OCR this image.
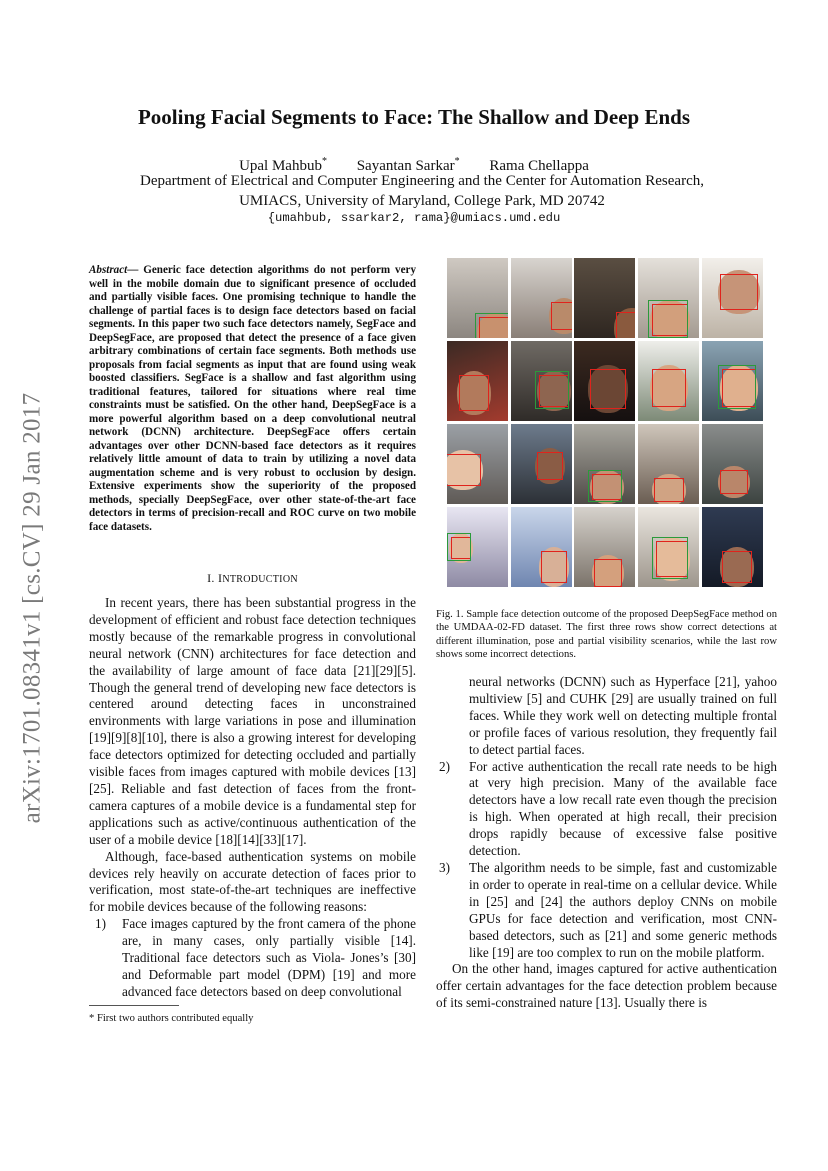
arXiv:1701.08341v1 [cs.CV] 29 Jan 2017
Pooling Facial Segments to Face: The Shallow and Deep Ends
Upal Mahbub* Sayantan Sarkar* Rama Chellappa
Department of Electrical and Computer Engineering and the Center for Automation Research,
UMIACS, University of Maryland, College Park, MD 20742
{umahbub, ssarkar2, rama}@umiacs.umd.edu
Abstract— Generic face detection algorithms do not perform very well in the mobile domain due to significant presence of occluded and partially visible faces. One promising technique to handle the challenge of partial faces is to design face detectors based on facial segments. In this paper two such face detectors namely, SegFace and DeepSegFace, are proposed that detect the presence of a face given arbitrary combinations of certain face segments. Both methods use proposals from facial segments as input that are found using weak boosted classifiers. SegFace is a shallow and fast algorithm using traditional features, tailored for situations where real time constraints must be satisfied. On the other hand, DeepSegFace is a more powerful algorithm based on a deep convolutional neutral network (DCNN) architecture. DeepSegFace offers certain advantages over other DCNN-based face detectors as it requires relatively little amount of data to train by utilizing a novel data augmentation scheme and is very robust to occlusion by design. Extensive experiments show the superiority of the proposed methods, specially DeepSegFace, over other state-of-the-art face detectors in terms of precision-recall and ROC curve on two mobile face datasets.
I. INTRODUCTION

In recent years, there has been substantial progress in the development of efficient and robust face detection techniques mostly because of the remarkable progress in convolutional neural network (CNN) architectures for face detection and the availability of large amount of face data [21][29][5]. Though the general trend of developing new face detectors is centered around detecting faces in unconstrained environments with large variations in pose and illumination [19][9][8][10], there is also a growing interest for developing face detectors optimized for detecting occluded and partially visible faces from images captured with mobile devices [13][25]. Reliable and fast detection of faces from the front-camera captures of a mobile device is a fundamental step for applications such as active/continuous authentication of the user of a mobile device [18][14][33][17].

Although, face-based authentication systems on mobile devices rely heavily on accurate detection of faces prior to verification, most state-of-the-art techniques are ineffective for mobile devices because of the following reasons:

1) Face images captured by the front camera of the phone are, in many cases, only partially visible [14]. Traditional face detectors such as Viola- Jones’s [30] and Deformable part model (DPM) [19] and more advanced face detectors based on deep convolutional
* First two authors contributed equally
Fig. 1. Sample face detection outcome of the proposed DeepSegFace method on the UMDAA-02-FD dataset. The first three rows show correct detections at different illumination, pose and partial visibility scenarios, while the last row shows some incorrect detections.
neural networks (DCNN) such as Hyperface [21], yahoo multiview [5] and CUHK [29] are usually trained on full faces. While they work well on detecting multiple frontal or profile faces of various resolution, they frequently fail to detect partial faces.
2) For active authentication the recall rate needs to be high at very high precision. Many of the available face detectors have a low recall rate even though the precision is high. When operated at high recall, their precision drops rapidly because of excessive false positive detection.
3) The algorithm needs to be simple, fast and customizable in order to operate in real-time on a cellular device. While in [25] and [24] the authors deploy CNNs on mobile GPUs for face detection and verification, most CNN-based detectors, such as [21] and some generic methods like [19] are too complex to run on the mobile platform.

On the other hand, images captured for active authentication offer certain advantages for the face detection problem because of its semi-constrained nature [13]. Usually there is
